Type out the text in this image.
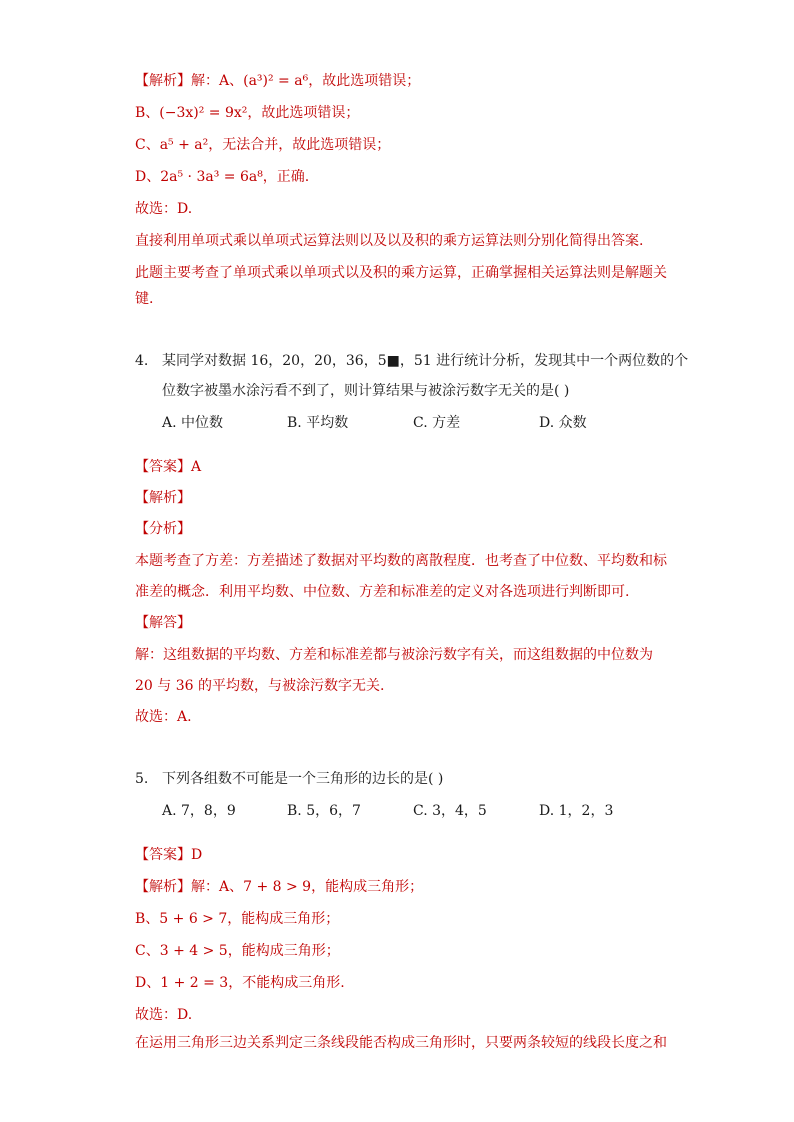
【解析】解：A、(a³)² = a⁶，故此选项错误；
B、(−3x)² = 9x²，故此选项错误；
C、a⁵ + a²，无法合并，故此选项错误；
D、2a⁵ · 3a³ = 6a⁸，正确.
故选：D.
直接利用单项式乘以单项式运算法则以及以及积的乘方运算法则分别化简得出答案.
此题主要考查了单项式乘以单项式以及积的乘方运算，正确掌握相关运算法则是解题关
键.
4. 某同学对数据 16，20，20，36，5■，51 进行统计分析，发现其中一个两位数的个
位数字被墨水涂污看不到了，则计算结果与被涂污数字无关的是( )
A. 中位数	B. 平均数	C. 方差	D. 众数
【答案】A
【解析】
【分析】
本题考查了方差：方差描述了数据对平均数的离散程度．也考查了中位数、平均数和标
准差的概念．利用平均数、中位数、方差和标准差的定义对各选项进行判断即可.
【解答】
解：这组数据的平均数、方差和标准差都与被涂污数字有关，而这组数据的中位数为
20 与 36 的平均数，与被涂污数字无关.
故选：A.
5. 下列各组数不可能是一个三角形的边长的是( )
A. 7，8，9	B. 5，6，7	C. 3，4，5	D. 1，2，3
【答案】D
【解析】解：A、7 + 8 > 9，能构成三角形；
B、5 + 6 > 7，能构成三角形；
C、3 + 4 > 5，能构成三角形；
D、1 + 2 = 3，不能构成三角形.
故选：D.
在运用三角形三边关系判定三条线段能否构成三角形时，只要两条较短的线段长度之和
